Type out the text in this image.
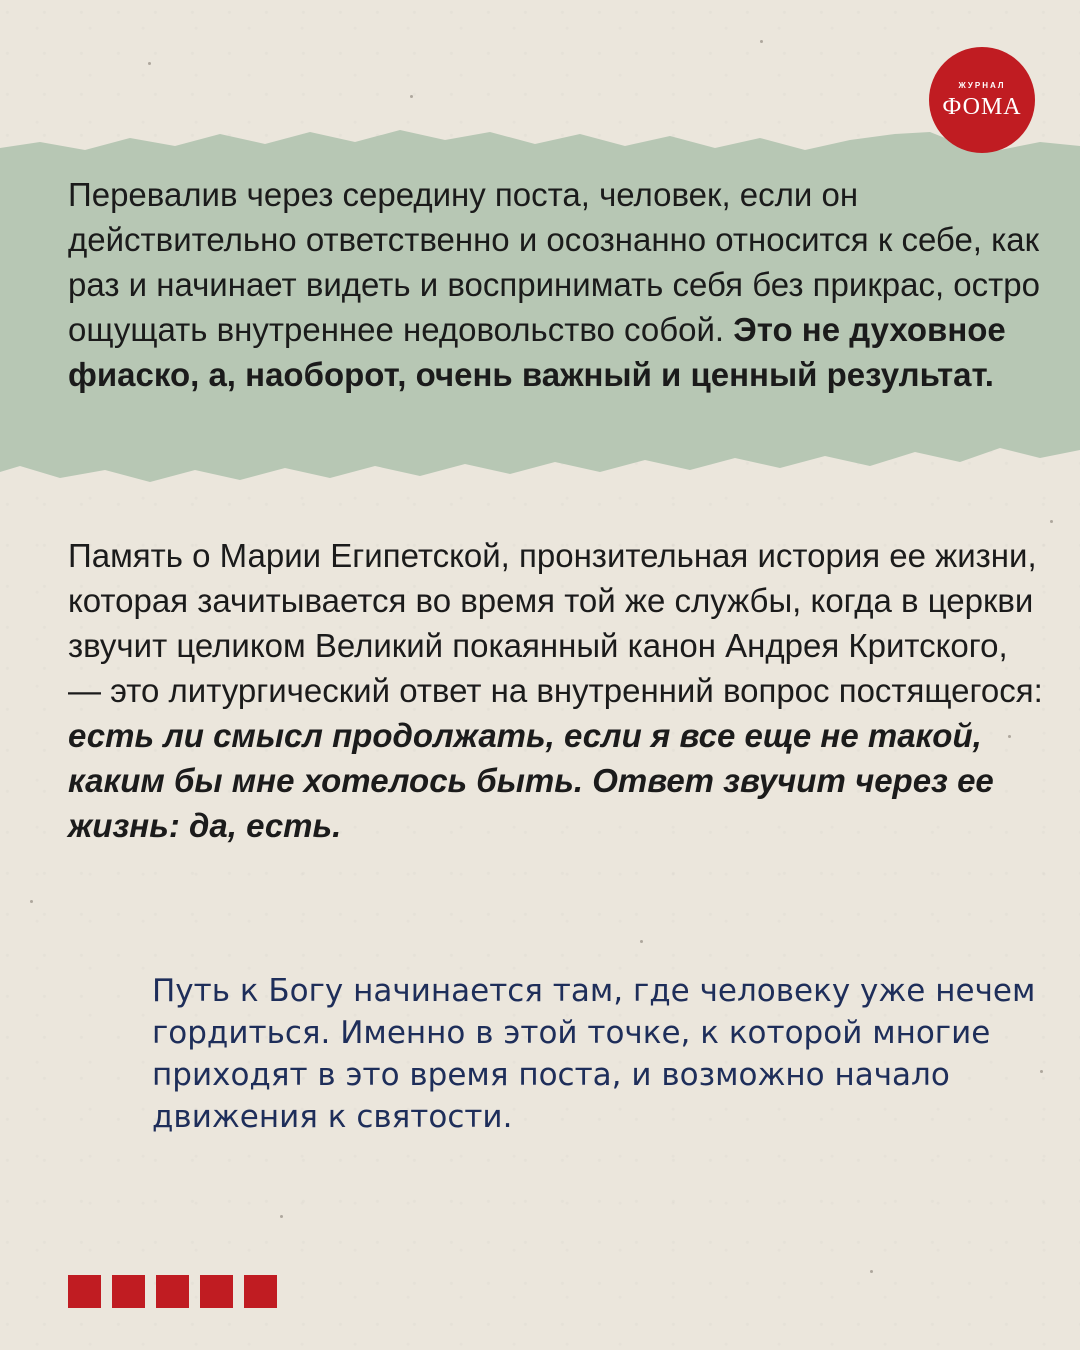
ЖУРНАЛ
ФОМА

Перевалив через середину поста, человек, если он действительно ответственно и осознанно относится к себе, как раз и начинает видеть и воспринимать себя без прикрас, остро ощущать внутреннее недовольство собой. Это не духовное фиаско, а, наоборот, очень важный и ценный результат.

Память о Марии Египетской, пронзительная история ее жизни, которая зачитывается во время той же службы, когда в церкви звучит целиком Великий покаянный канон Андрея Критского, — это литургический ответ на внутренний вопрос постящегося: есть ли смысл продолжать, если я все еще не такой, каким бы мне хотелось быть. Ответ звучит через ее жизнь: да, есть.

Путь к Богу начинается там, где человеку уже нечем гордиться. Именно в этой точке, к которой многие приходят в это время поста, и возможно начало движения к святости.
